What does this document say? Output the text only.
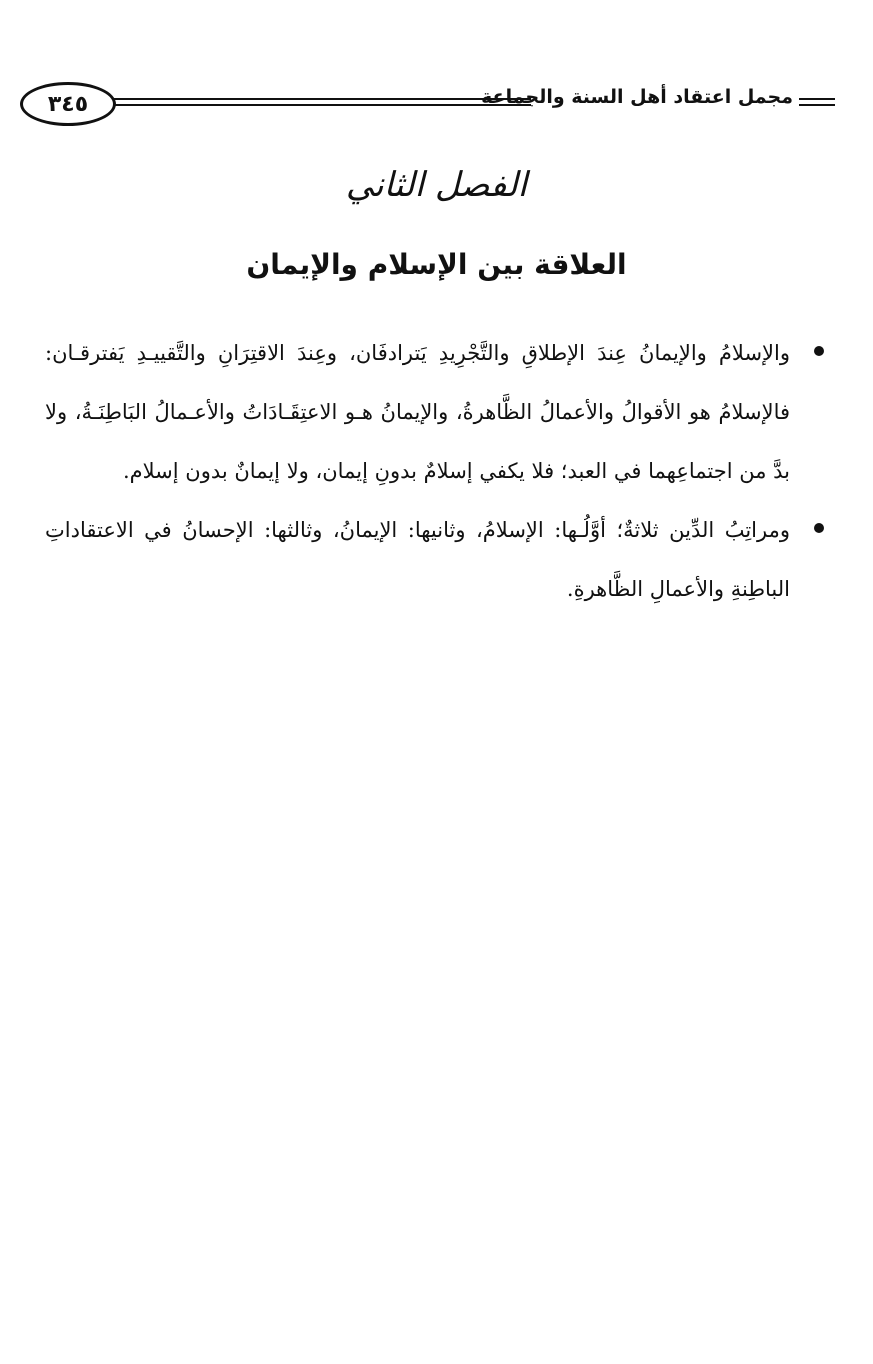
٣٤٥	مجمل اعتقاد أهل السنة والجماعة
الفصل الثاني
العلاقة بين الإسلام والإيمان
والإسلامُ والإيمانُ عِندَ الإطلاقِ والتَّجْرِيدِ يَترادفَان، وعِندَ الاقتِرَانِ والتَّقييـدِ يَفترقـان: فالإسلامُ هو الأقوالُ والأعمالُ الظَّاهرةُ، والإيمانُ هـو الاعتِقَـادَاتُ والأعـمالُ البَاطِنَـةُ، ولا بدَّ من اجتماعِهما في العبد؛ فلا يكفي إسلامٌ بدونِ إيمان، ولا إيمانٌ بدون إسلام.
ومراتِبُ الدِّين ثلاثةٌ؛ أوَّلُـها: الإسلامُ، وثانيها: الإيمانُ، وثالثها: الإحسانُ في الاعتقاداتِ الباطِنةِ والأعمالِ الظَّاهرةِ.
